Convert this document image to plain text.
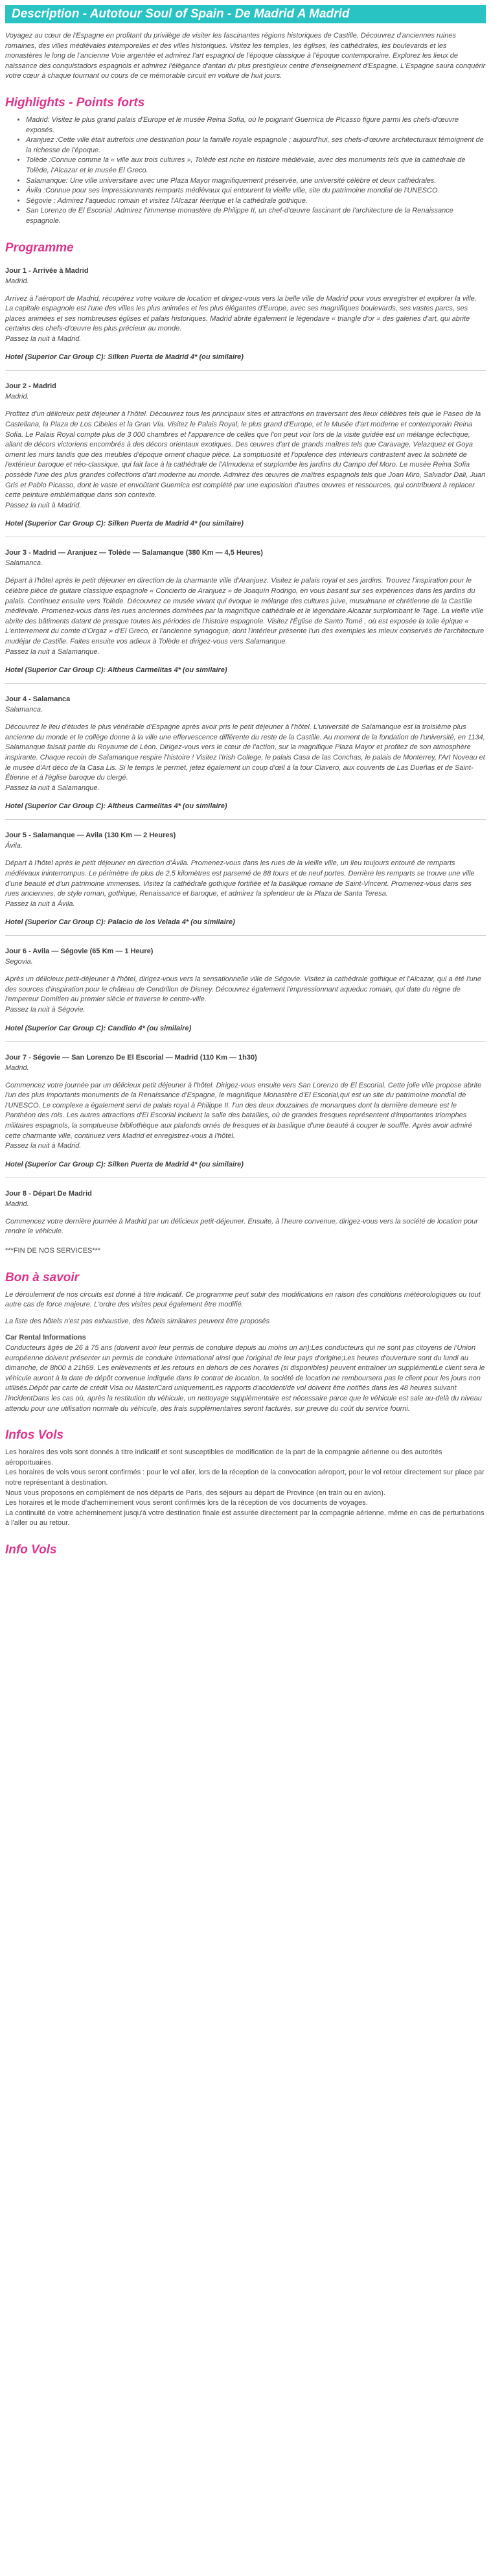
Description - Autotour Soul of Spain - De Madrid A Madrid

Voyagez au cœur de l'Espagne en profitant du privilège de visiter les fascinantes régions historiques de Castille. Découvrez d'anciennes ruines romaines, des villes médiévales intemporelles et des villes historiques. Visitez les temples, les églises, les cathédrales, les boulevards et les monastères le long de l'ancienne Voie argentée et admirez l'art espagnol de l'époque classique à l'époque contemporaine. Explorez les lieux de naissance des conquistadors espagnols et admirez l'élégance d'antan du plus prestigieux centre d'enseignement d'Espagne. L'Espagne saura conquérir votre cœur à chaque tournant ou cours de ce mémorable circuit en voiture de huit jours.

Highlights - Points forts
• Madrid: Visitez le plus grand palais d'Europe et le musée Reina Sofía, où le poignant Guernica de Picasso figure parmi les chefs-d'œuvre exposés.
• Aranjuez :Cette ville était autrefois une destination pour la famille royale espagnole ; aujourd'hui, ses chefs-d'œuvre architecturaux témoignent de la richesse de l'époque.
• Tolède :Connue comme la « ville aux trois cultures », Tolède est riche en histoire médiévale, avec des monuments tels que la cathédrale de Tolède, l'Alcazar et le musée El Greco.
• Salamanque: Une ville universitaire avec une Plaza Mayor magnifiquement préservée, une université célèbre et deux cathédrales.
• Ávila :Connue pour ses impressionnants remparts médiévaux qui entourent la vieille ville, site du patrimoine mondial de l'UNESCO.
• Ségovie : Admirez l'aqueduc romain et visitez l'Alcazar féerique et la cathédrale gothique.
• San Lorenzo de El Escorial :Admirez l'immense monastère de Philippe II, un chef-d'œuvre fascinant de l'architecture de la Renaissance espagnole.
Programme
Jour 1 - Arrivée à Madrid
Madrid.

Arrivez à l'aéroport de Madrid, récupérez votre voiture de location et dirigez-vous vers la belle ville de Madrid pour vous enregistrer et explorer la ville. La capitale espagnole est l'une des villes les plus animées et les plus élégantes d'Europe, avec ses magnifiques boulevards, ses vastes parcs, ses places animées et ses nombreuses églises et palais historiques. Madrid abrite également le légendaire « triangle d'or » des galeries d'art, qui abrite certains des chefs-d'œuvre les plus précieux au monde.

Passez la nuit à Madrid.

Hotel (Superior Car Group C): Silken Puerta de Madrid 4* (ou similaire)
Jour 2 - Madrid
Madrid.

Profitez d'un délicieux petit déjeuner à l'hôtel. Découvrez tous les principaux sites et attractions en traversant des lieux célèbres tels que le Paseo de la Castellana, la Plaza de Los Cibeles et la Gran Vía. Visitez le Palais Royal, le plus grand d'Europe, et le Musée d'art moderne et contemporain Reina Sofia. Le Palais Royal compte plus de 3 000 chambres et l'apparence de celles que l'on peut voir lors de la visite guidée est un mélange éclectique, allant de décors victoriens encombrés à des décors orientaux exotiques. Des œuvres d'art de grands maîtres tels que Caravage, Velazquez et Goya ornent les murs tandis que des meubles d'époque ornent chaque pièce. La somptuosité et l'opulence des intérieurs contrastent avec la sobriété de l'extérieur baroque et néo-classique, qui fait face à la cathédrale de l'Almudena et surplombe les jardins du Campo del Moro. Le musée Reina Sofia possède l'une des plus grandes collections d'art moderne au monde. Admirez des œuvres de maîtres espagnols tels que Joan Miro, Salvador Dali, Juan Gris et Pablo Picasso, dont le vaste et envoûtant Guernica est complété par une exposition d'autres œuvres et ressources, qui contribuent à replacer cette peinture emblématique dans son contexte.

Passez la nuit à Madrid.

Hotel (Superior Car Group C): Silken Puerta de Madrid 4* (ou similaire)
Jour 3 - Madrid — Aranjuez — Tolède — Salamanque (380 Km — 4,5 Heures)
Salamanca.

Départ à l'hôtel après le petit déjeuner en direction de la charmante ville d'Aranjuez. Visitez le palais royal et ses jardins. Trouvez l'inspiration pour le célèbre pièce de guitare classique espagnole « Concierto de Aranjuez » de Joaquín Rodrigo, en vous basant sur ses expériences dans les jardins du palais. Continuez ensuite vers Tolède. Découvrez ce musée vivant qui évoque le mélange des cultures juive, musulmane et chrétienne de la Castille médiévale. Promenez-vous dans les rues anciennes dominées par la magnifique cathédrale et le légendaire Alcazar surplombant le Tage. La vieille ville abrite des bâtiments datant de presque toutes les périodes de l'histoire espagnole. Visitez l'Église de Santo Tomé , où est exposée la toile épique « L'enterrement du comte d'Orgaz » d'El Greco, et l'ancienne synagogue, dont l'intérieur présente l'un des exemples les mieux conservés de l'architecture mudéjar de Castille. Faites ensuite vos adieux à Tolède et dirigez-vous vers Salamanque.

Passez la nuit à Salamanque.

Hotel (Superior Car Group C): Altheus Carmelitas 4* (ou similaire)
Jour 4 - Salamanca
Salamanca.

Découvrez le lieu d'études le plus vénérable d'Espagne après avoir pris le petit déjeuner à l'hôtel. L'université de Salamanque est la troisième plus ancienne du monde et le collège donne à la ville une effervescence différente du reste de la Castille. Au moment de la fondation de l'université, en 1134, Salamanque faisait partie du Royaume de Léon. Dirigez-vous vers le cœur de l'action, sur la magnifique Plaza Mayor et profitez de son atmosphère inspirante. Chaque recoin de Salamanque respire l'histoire ! Visitez l'Irish College, le palais Casa de las Conchas, le palais de Monterrey, l'Art Noveau et le musée d'Art déco de la Casa Lis. Si le temps le permet, jetez également un coup d'œil à la tour Clavero, aux couvents de Las Dueñas et de Saint-Étienne et à l'église baroque du clergé.

Passez la nuit à Salamanque.

Hotel (Superior Car Group C): Altheus Carmelitas 4* (ou similaire)
Jour 5 - Salamanque — Avila (130 Km — 2 Heures)
Ávila.

Départ à l'hôtel après le petit déjeuner en direction d'Ávila. Promenez-vous dans les rues de la vieille ville, un lieu toujours entouré de remparts médiévaux ininterrompus. Le périmètre de plus de 2,5 kilomètres est parsemé de 88 tours et de neuf portes. Derrière les remparts se trouve une ville d'une beauté et d'un patrimoine immenses. Visitez la cathédrale gothique fortifiée et la basilique romane de Saint-Vincent. Promenez-vous dans ses rues anciennes, de style roman, gothique, Renaissance et baroque, et admirez la splendeur de la Plaza de Santa Teresa.

Passez la nuit à Ávila.

Hotel (Superior Car Group C): Palacio de los Velada 4* (ou similaire)
Jour 6 - Avila — Ségovie (65 Km — 1 Heure)
Segovia.

Après un délicieux petit-déjeuner à l'hôtel, dirigez-vous vers la sensationnelle ville de Ségovie. Visitez la cathédrale gothique et l'Alcazar, qui a été l'une des sources d'inspiration pour le château de Cendrillon de Disney. Découvrez également l'impressionnant aqueduc romain, qui date du règne de l'empereur Domitien au premier siècle et traverse le centre-ville.

Passez la nuit à Ségovie.

Hotel (Superior Car Group C): Candido 4* (ou similaire)
Jour 7 - Ségovie — San Lorenzo De El Escorial — Madrid (110 Km — 1h30)
Madrid.

Commencez votre journée par un délicieux petit déjeuner à l'hôtel. Dirigez-vous ensuite vers San Lorenzo de El Escorial. Cette jolie ville propose abrite l'un des plus importants monuments de la Renaissance d'Espagne, le magnifique Monastère d'El Escorial,qui est un site du patrimoine mondial de l'UNESCO. Le complexe a également servi de palais royal à Philippe II. l'un des deux douzaines de monarques dont la dernière demeure est le Panthéon des rois. Les autres attractions d'El Escorial incluent la salle des batailles, où de grandes fresques représentent d'importantes triomphes militaires espagnols, la somptueuse bibliothèque aux plafonds ornés de fresques et la basilique d'une beauté à couper le souffle. Après avoir admiré cette charmante ville, continuez vers Madrid et enregistrez-vous à l'hôtel.

Passez la nuit à Madrid.

Hotel (Superior Car Group C): Silken Puerta de Madrid 4* (ou similaire)
Jour 8 - Départ De Madrid
Madrid.

Commencez votre dernière journée à Madrid par un délicieux petit-déjeuner. Ensuite, à l'heure convenue, dirigez-vous vers la société de location pour rendre le véhicule.

***FIN DE NOS SERVICES***

Bon à savoir

Le déroulement de nos circuits est donné à titre indicatif. Ce programme peut subir des modifications en raison des conditions météorologiques ou tout autre cas de force majeure. L'ordre des visites peut également être modifié.

La liste des hôtels n'est pas exhaustive, des hôtels similaires peuvent être proposés

Car Rental Informations

Conducteurs âgés de 26 à 75 ans (doivent avoir leur permis de conduire depuis au moins un an);Les conducteurs qui ne sont pas citoyens de l'Union européenne doivent présenter un permis de conduire international ainsi que l'original de leur pays d'origine;Les heures d'ouverture sont du lundi au dimanche, de 8h00 à 21h59. Les enlèvements et les retours en dehors de ces horaires (si disponibles) peuvent entraîner un supplémentLe client sera le véhicule auront à la date de dépôt convenue indiquée dans le contrat de location, la société de location ne remboursera pas le client pour les jours non utilisés.Dépôt par carte de crédit Visa ou MasterCard uniquementLes rapports d'accident/de vol doivent être notifiés dans les 48 heures suivant l'incidentDans les cas où, après la restitution du véhicule, un nettoyage supplémentaire est nécessaire parce que le véhicule est sale au-delà du niveau attendu pour une utilisation normale du véhicule, des frais supplémentaires seront facturés, sur preuve du coût du service fourni.

Infos Vols

Les horaires des vols sont donnés à titre indicatif et sont susceptibles de modification de la part de la compagnie aérienne ou des autorités aéroportuaires.
Les horaires de vols vous seront confirmés : pour le vol aller, lors de la réception de la convocation aéroport, pour le vol retour directement sur place par notre représentant à destination.
Nous vous proposons en complément de nos départs de Paris, des séjours au départ de Province (en train ou en avion).
Les horaires et le mode d'acheminement vous seront confirmés lors de la réception de vos documents de voyages.
La continuité de votre acheminement jusqu'à votre destination finale est assurée directement par la compagnie aérienne, même en cas de perturbations à l'aller ou au retour.

Info Vols
